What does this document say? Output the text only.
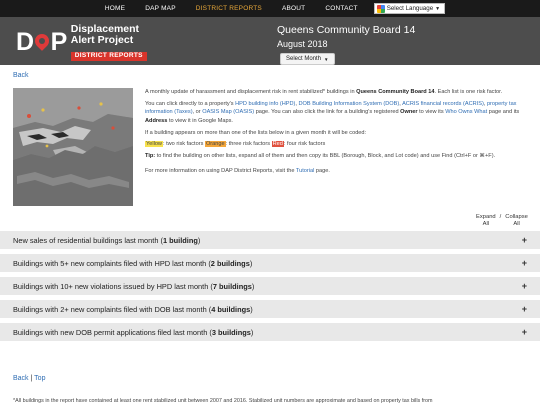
HOME	DAP MAP	DISTRICT REPORTS	ABOUT	CONTACT	Select Language ▼
D P Displacement
Alert Project
DISTRICT REPORTS
Queens Community Board 14
August 2018
Select Month ▼
Back

A monthly update of harassment and displacement risk in rent stabilized* buildings in Queens Community Board 14. Each list is one risk factor.

You can click directly to a property's HPD building info (HPD), DOB Building Information System (DOB), ACRIS financial records (ACRIS), property tax information (Taxes), or OASIS Map (OASIS) page. You can also click the link for a building's registered Owner to view its Who Owns What page and its Address to view it in Google Maps.

If a building appears on more than one of the lists below in a given month it will be coded:

Yellow: two risk factors Orange: three risk factors Red: four risk factors

Tip: to find the building on other lists, expand all of them and then copy its BBL (Borough, Block, and Lot code) and use Find (Ctrl+F or ⌘+F).

For more information on using DAP District Reports, visit the Tutorial page.

Expand
All
/ Collapse
All
New sales of residential buildings last month (1 building)	+
Buildings with 5+ new complaints filed with HPD last month (2 buildings)	+
Buildings with 10+ new violations issued by HPD last month (7 buildings)	+
Buildings with 2+ new complaints filed with DOB last month (4 buildings)	+
Buildings with new DOB permit applications filed last month (3 buildings)	+
Back | Top
*All buildings in the report have contained at least one rent stabilized unit between 2007 and 2016. Stabilized unit numbers are approximate and based on property tax bills from
